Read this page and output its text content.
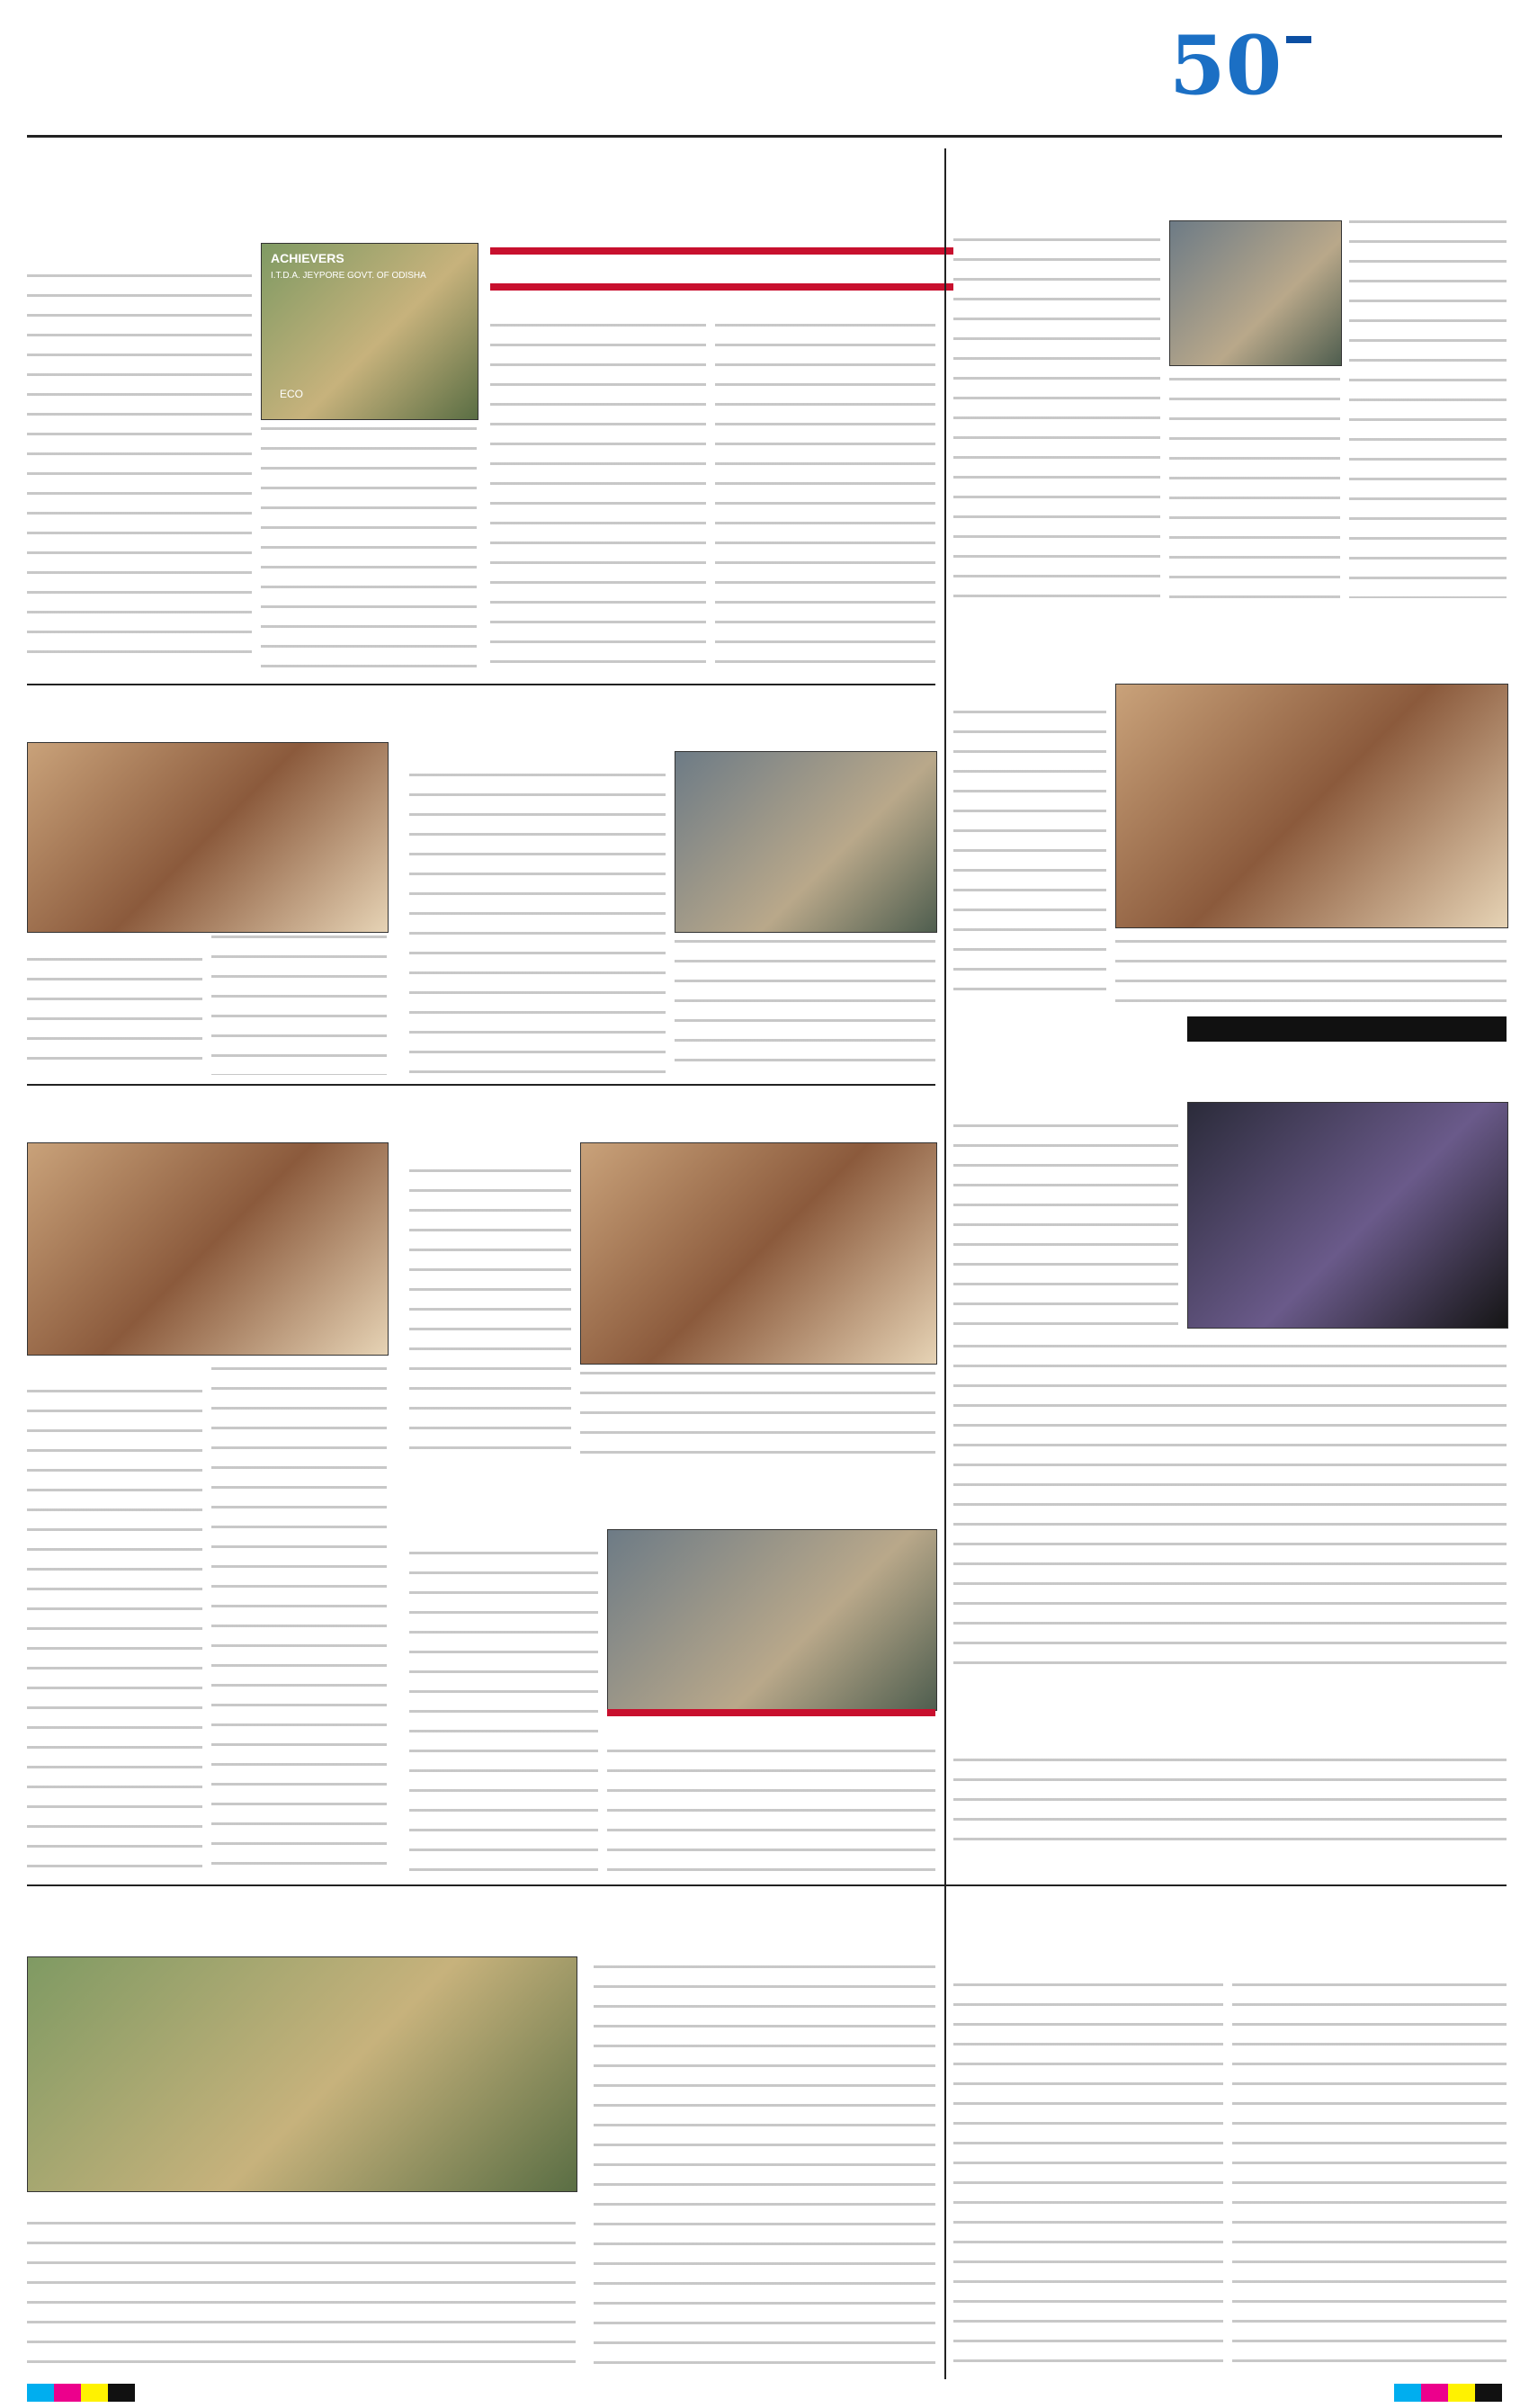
50
ACHIEVERS
I.T.D.A. JEYPORE GOVT. OF ODISHA
ECO
